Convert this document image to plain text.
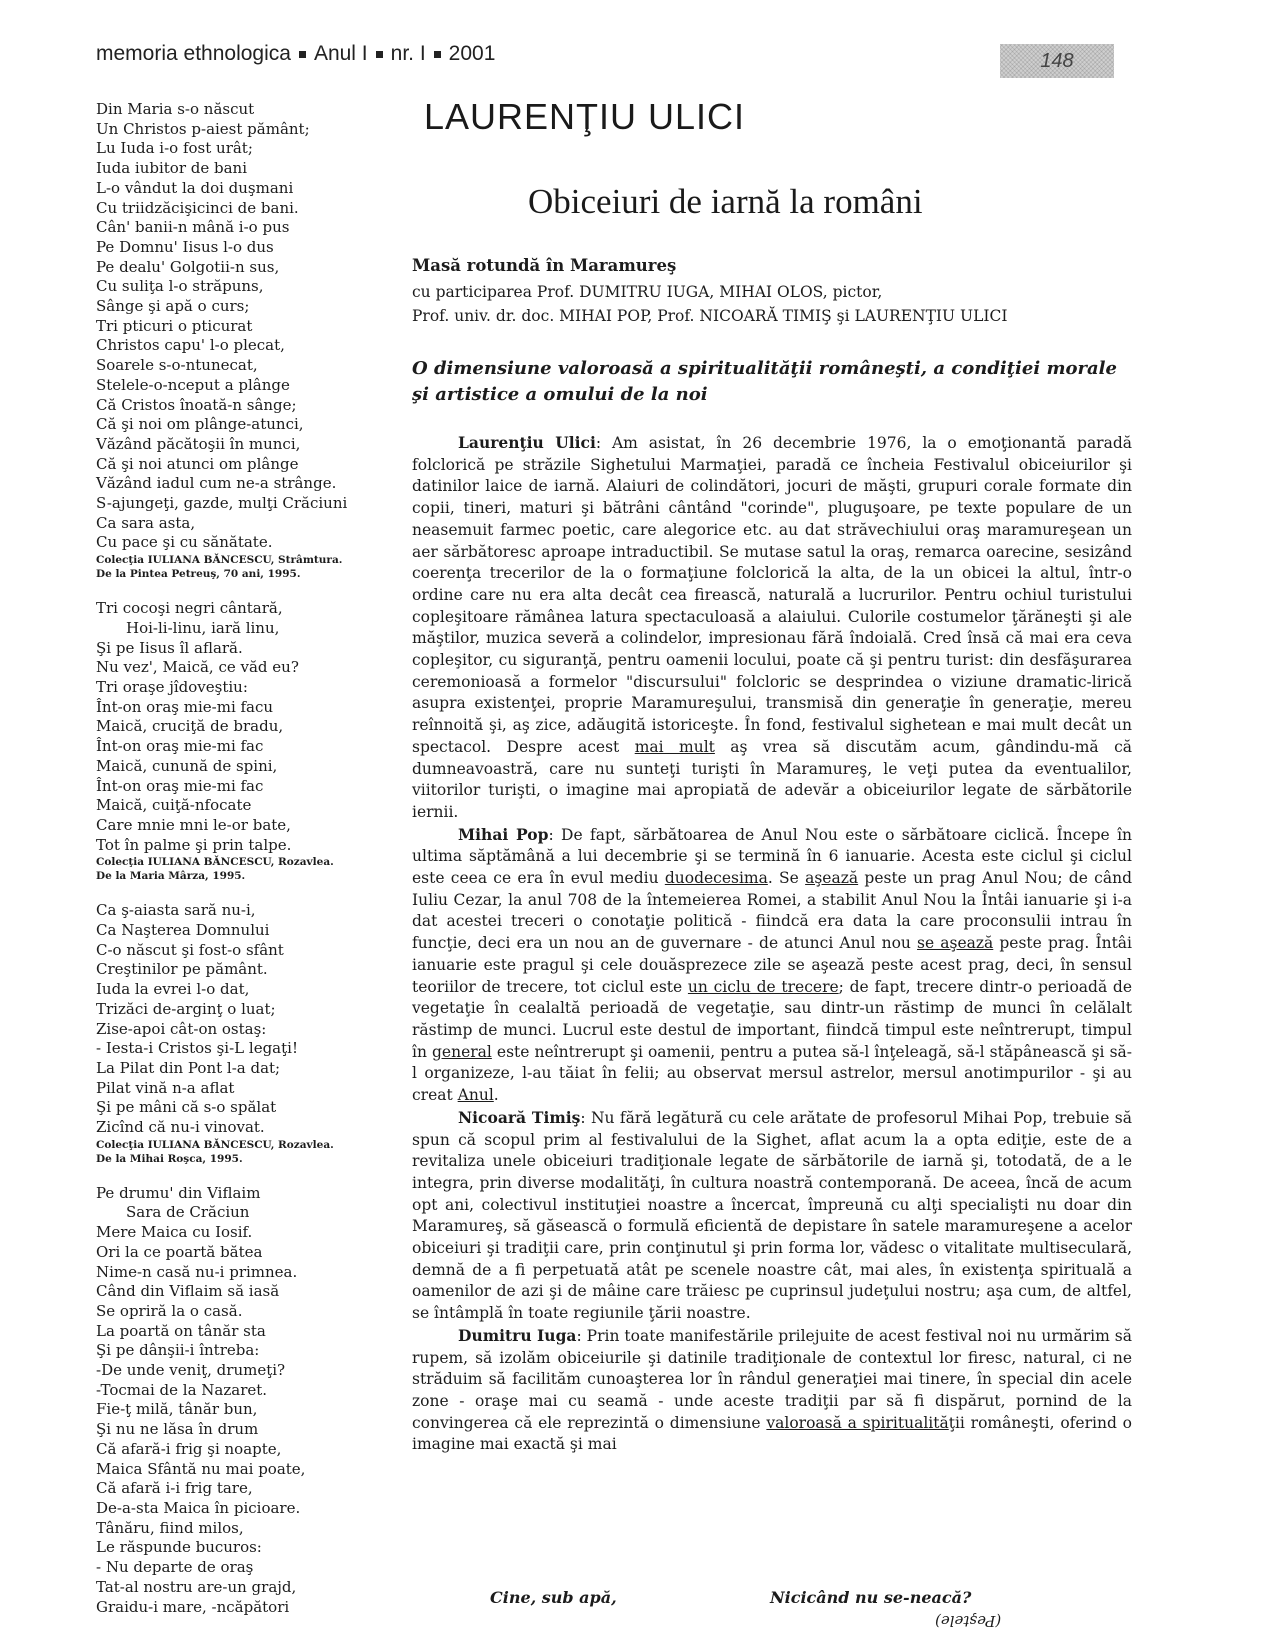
memoria ethnologica Anul I nr. I 2001	148
Din Maria s-o născut
Un Christos p-aiest pământ;
Lu Iuda i-o fost urât;
Iuda iubitor de bani
L-o vândut la doi duşmani
Cu triidzăcişicinci de bani.
Cân' banii-n mână i-o pus
Pe Domnu' Iisus l-o dus
Pe dealu' Golgotii-n sus,
Cu suliţa l-o străpuns,
Sânge şi apă o curs;
Tri pticuri o pticurat
Christos capu' l-o plecat,
Soarele s-o-ntunecat,
Stelele-o-nceput a plânge
Că Cristos înoată-n sânge;
Că şi noi om plânge-atunci,
Văzând păcătoşii în munci,
Că şi noi atunci om plânge
Văzând iadul cum ne-a strânge.
S-ajungeţi, gazde, mulţi Crăciuni
Ca sara asta,
Cu pace şi cu sănătate.
Colecţia IULIANA BĂNCESCU, Strâmtura.
De la Pintea Petreuş, 70 ani, 1995.
Tri cocoşi negri cântară,
Hoi-li-linu, iară linu,
Şi pe Iisus îl aflară.
Nu vez', Maică, ce văd eu?
Tri oraşe jîdoveştiu:
Înt-on oraş mie-mi facu
Maică, cruciţă de bradu,
Înt-on oraş mie-mi fac
Maică, cunună de spini,
Înt-on oraş mie-mi fac
Maică, cuiţă-nfocate
Care mnie mni le-or bate,
Tot în palme şi prin talpe.
Colecţia IULIANA BĂNCESCU, Rozavlea.
De la Maria Mârza, 1995.
Ca ş-aiasta sară nu-i,
Ca Naşterea Domnului
C-o născut şi fost-o sfânt
Creştinilor pe pământ.
Iuda la evrei l-o dat,
Trizăci de-arginţ o luat;
Zise-apoi cât-on ostaş:
- Iesta-i Cristos şi-L legaţi!
La Pilat din Pont l-a dat;
Pilat vină n-a aflat
Şi pe mâni că s-o spălat
Zicînd că nu-i vinovat.
Colecţia IULIANA BĂNCESCU, Rozavlea.
De la Mihai Roşca, 1995.
Pe drumu' din Viflaim
Sara de Crăciun
Mere Maica cu Iosif.
Ori la ce poartă bătea
Nime-n casă nu-i primnea.
Când din Viflaim să iasă
Se opriră la o casă.
La poartă on tânăr sta
Şi pe dânşii-i întreba:
-De unde veniţ, drumeţi?
-Tocmai de la Nazaret.
Fie-ţ milă, tânăr bun,
Şi nu ne lăsa în drum
Că afară-i frig şi noapte,
Maica Sfântă nu mai poate,
Că afară i-i frig tare,
De-a-sta Maica în picioare.
Tânăru, fiind milos,
Le răspunde bucuros:
- Nu departe de oraş
Tat-al nostru are-un grajd,
Graidu-i mare, -ncăpători
LAURENŢIU ULICI
Obiceiuri de iarnă la români
Masă rotundă în Maramureş
cu participarea Prof. DUMITRU IUGA, MIHAI OLOS, pictor,
Prof. univ. dr. doc. MIHAI POP, Prof. NICOARĂ TIMIŞ şi LAURENŢIU ULICI
O dimensiune valoroasă a spiritualităţii româneşti, a condiţiei morale şi artistice a omului de la noi

Laurenţiu Ulici: Am asistat, în 26 decembrie 1976, la o emoţionantă paradă folclorică pe străzile Sighetului Marmaţiei, paradă ce încheia Festivalul obiceiurilor şi datinilor laice de iarnă. Alaiuri de colindători, jocuri de măşti, grupuri corale formate din copii, tineri, maturi şi bătrâni cântând "corinde", pluguşoare, pe texte populare de un neasemuit farmec poetic, care alegorice etc. au dat străvechiului oraş maramureşean un aer sărbătoresc aproape intraductibil. Se mutase satul la oraş, remarca oarecine, sesizând coerenţa trecerilor de la o formaţiune folclorică la alta, de la un obicei la altul, într-o ordine care nu era alta decât cea firească, naturală a lucrurilor. Pentru ochiul turistului copleşitoare rămânea latura spectaculoasă a alaiului. Culorile costumelor ţărăneşti şi ale măştilor, muzica severă a colindelor, impresionau fără îndoială. Cred însă că mai era ceva copleşitor, cu siguranţă, pentru oamenii locului, poate că şi pentru turist: din desfăşurarea ceremonioasă a formelor "discursului" folcloric se desprindea o viziune dramatic-lirică asupra existenţei, proprie Maramureşului, transmisă din generaţie în generaţie, mereu reînnoită şi, aş zice, adăugită istoriceşte. În fond, festivalul sighetean e mai mult decât un spectacol. Despre acest mai mult aş vrea să discutăm acum, gândindu-mă că dumneavoastră, care nu sunteţi turişti în Maramureş, le veţi putea da eventualilor, viitorilor turişti, o imagine mai apropiată de adevăr a obiceiurilor legate de sărbătorile iernii.

Mihai Pop: De fapt, sărbătoarea de Anul Nou este o sărbătoare ciclică. Începe în ultima săptămână a lui decembrie şi se termină în 6 ianuarie. Acesta este ciclul şi ciclul este ceea ce era în evul mediu duodecesima. Se aşează peste un prag Anul Nou; de când Iuliu Cezar, la anul 708 de la întemeierea Romei, a stabilit Anul Nou la Întâi ianuarie şi i-a dat acestei treceri o conotaţie politică - fiindcă era data la care proconsulii intrau în funcţie, deci era un nou an de guvernare - de atunci Anul nou se aşează peste prag. Întâi ianuarie este pragul şi cele douăsprezece zile se aşează peste acest prag, deci, în sensul teoriilor de trecere, tot ciclul este un ciclu de trecere; de fapt, trecere dintr-o perioadă de vegetaţie în cealaltă perioadă de vegetaţie, sau dintr-un răstimp de munci în celălalt răstimp de munci. Lucrul este destul de important, fiindcă timpul este neîntrerupt, timpul în general este neîntrerupt şi oamenii, pentru a putea să-l înţeleagă, să-l stăpânească şi să-l organizeze, l-au tăiat în felii; au observat mersul astrelor, mersul anotimpurilor - şi au creat Anul.

Nicoară Timiş: Nu fără legătură cu cele arătate de profesorul Mihai Pop, trebuie să spun că scopul prim al festivalului de la Sighet, aflat acum la a opta ediţie, este de a revitaliza unele obiceiuri tradiţionale legate de sărbătorile de iarnă şi, totodată, de a le integra, prin diverse modalităţi, în cultura noastră contemporană. De aceea, încă de acum opt ani, colectivul instituţiei noastre a încercat, împreună cu alţi specialişti nu doar din Maramureş, să găsească o formulă eficientă de depistare în satele maramureşene a acelor obiceiuri şi tradiţii care, prin conţinutul şi prin forma lor, vădesc o vitalitate multiseculară, demnă de a fi perpetuată atât pe scenele noastre cât, mai ales, în existenţa spirituală a oamenilor de azi şi de mâine care trăiesc pe cuprinsul judeţului nostru; aşa cum, de altfel, se întâmplă în toate regiunile ţării noastre.

Dumitru Iuga: Prin toate manifestările prilejuite de acest festival noi nu urmărim să rupem, să izolăm obiceiurile şi datinile tradiţionale de contextul lor firesc, natural, ci ne străduim să facilităm cunoaşterea lor în rândul generaţiei mai tinere, în special din acele zone - oraşe mai cu seamă - unde aceste tradiţii par să fi dispărut, pornind de la convingerea că ele reprezintă o dimensiune valoroasă a spiritualităţii româneşti, oferind o imagine mai exactă şi mai

Cine, sub apă,	Nicicând nu se-neacă?
(Peştele)
